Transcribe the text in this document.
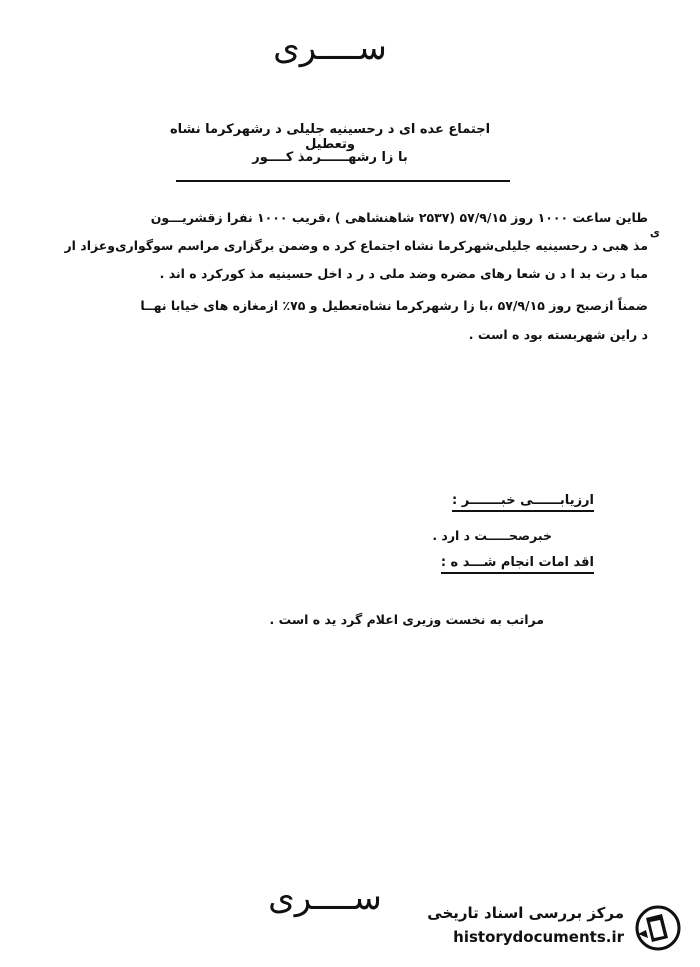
ســــری
اجتماع عده ای د رحسینیه جلیلی د رشهرکرما نشاه وتعطیل
با زا رشهــــــرمذ کــــور
طاین ساعت ۱۰۰۰ روز ۵۷/۹/۱۵ (۲۵۳۷ شاهنشاهی ) ،قریب ۱۰۰۰ نفرا زقشریـــون
ی
مذ هبی د رحسینیه جلیلی‌شهرکرما نشاه اجتماع کرد ه وضمن برگزاری مراسم سوگواری‌وعزاد ار
مبا د رت بد ا د ن شعا رهای مضره وضد ملی د ر د اخل حسینیه مذ کورکرد ه اند .
ضمناً ازصبح روز ۵۷/۹/۱۵ ،با زا رشهرکرما نشاه‌تعطیل و ۷۵٪ ازمغازه های خیابا نهــا
د راین شهربسته بود ه است .
ارزیابــــــی خبـــــــر :
خبرصحـــــت د ارد .
اقد امات انجام شـــد ه :
مراتب به نخست وزیری اعلام گرد ید ه است .
ســــری	مرکز بررسی اسناد تاریخی
historydocuments.ir
